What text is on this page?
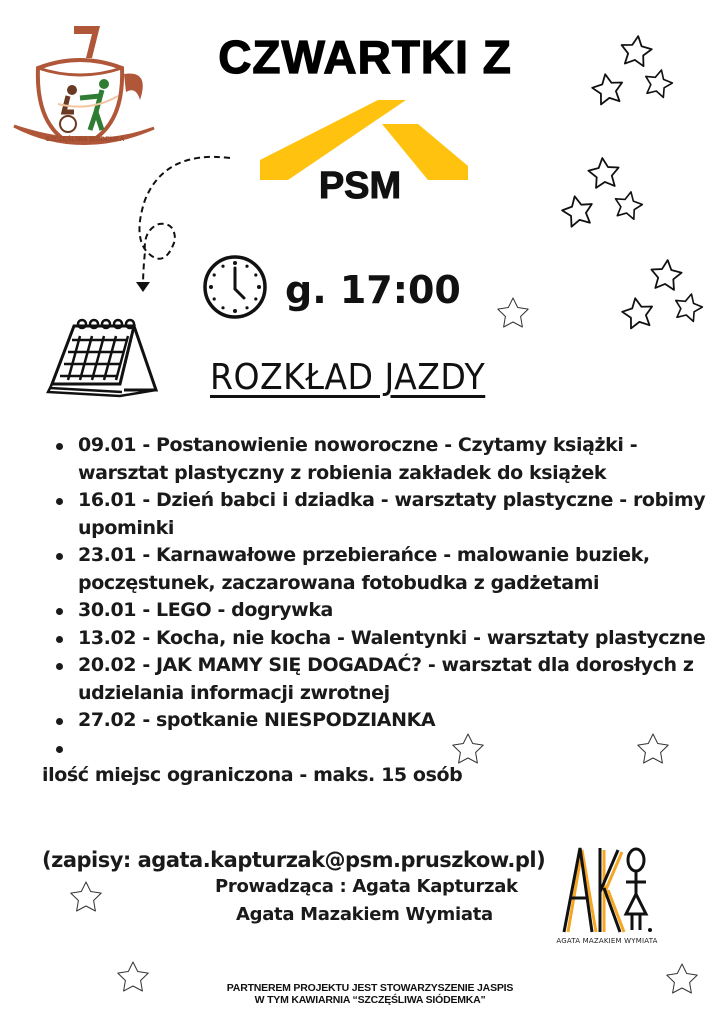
SZCZĘŚLIWA SIÓDEMKA
CZWARTKI Z
PSM
g. 17:00
ROZKŁAD JAZDY
09.01 - Postanowienie noworoczne - Czytamy książki - warsztat plastyczny z robienia zakładek do książek
16.01 - Dzień babci i dziadka - warsztaty plastyczne - robimy upominki
23.01 - Karnawałowe przebierańce - malowanie buziek, poczęstunek, zaczarowana fotobudka z gadżetami
30.01 - LEGO - dogrywka
13.02 - Kocha, nie kocha - Walentynki - warsztaty plastyczne
20.02 - JAK MAMY SIĘ DOGADAĆ? - warsztat dla dorosłych z udzielania informacji zwrotnej
27.02 - spotkanie NIESPODZIANKA
ilość miejsc ograniczona - maks. 15 osób
(zapisy: agata.kapturzak@psm.pruszkow.pl)
Prowadząca : Agata Kapturzak
Agata Mazakiem Wymiata
AGATA MAZAKIEM WYMIATA
PARTNEREM PROJEKTU JEST STOWARZYSZENIE JASPIS
W TYM KAWIARNIA “SZCZĘŚLIWA SIÓDEMKA"
